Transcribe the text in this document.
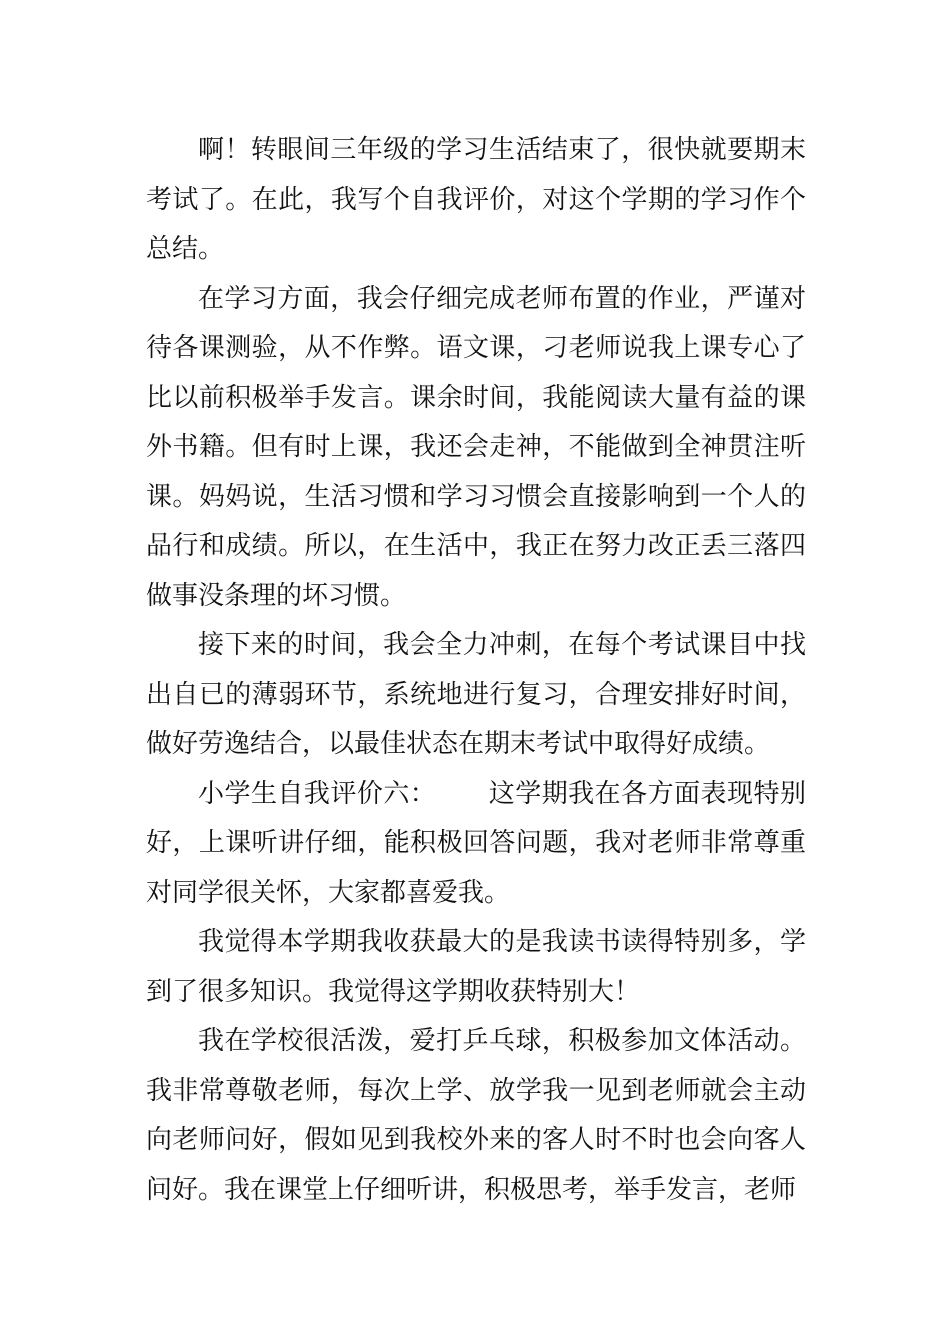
啊！转眼间三年级的学习生活结束了，很快就要期末考试了。在此，我写个自我评价，对这个学期的学习作个总结。

在学习方面，我会仔细完成老师布置的作业，严谨对待各课测验，从不作弊。语文课，刁老师说我上课专心了比以前积极举手发言。课余时间，我能阅读大量有益的课外书籍。但有时上课，我还会走神，不能做到全神贯注听课。妈妈说，生活习惯和学习习惯会直接影响到一个人的品行和成绩。所以，在生活中，我正在努力改正丢三落四做事没条理的坏习惯。

接下来的时间，我会全力冲刺，在每个考试课目中找出自已的薄弱环节，系统地进行复习，合理安排好时间，做好劳逸结合，以最佳状态在期末考试中取得好成绩。

小学生自我评价六： 这学期我在各方面表现特别好，上课听讲仔细，能积极回答问题，我对老师非常尊重对同学很关怀，大家都喜爱我。

我觉得本学期我收获最大的是我读书读得特别多，学到了很多知识。我觉得这学期收获特别大！

我在学校很活泼，爱打乒乓球，积极参加文体活动。我非常尊敬老师，每次上学、放学我一见到老师就会主动向老师问好，假如见到我校外来的客人时不时也会向客人问好。我在课堂上仔细听讲，积极思考，举手发言，老师
